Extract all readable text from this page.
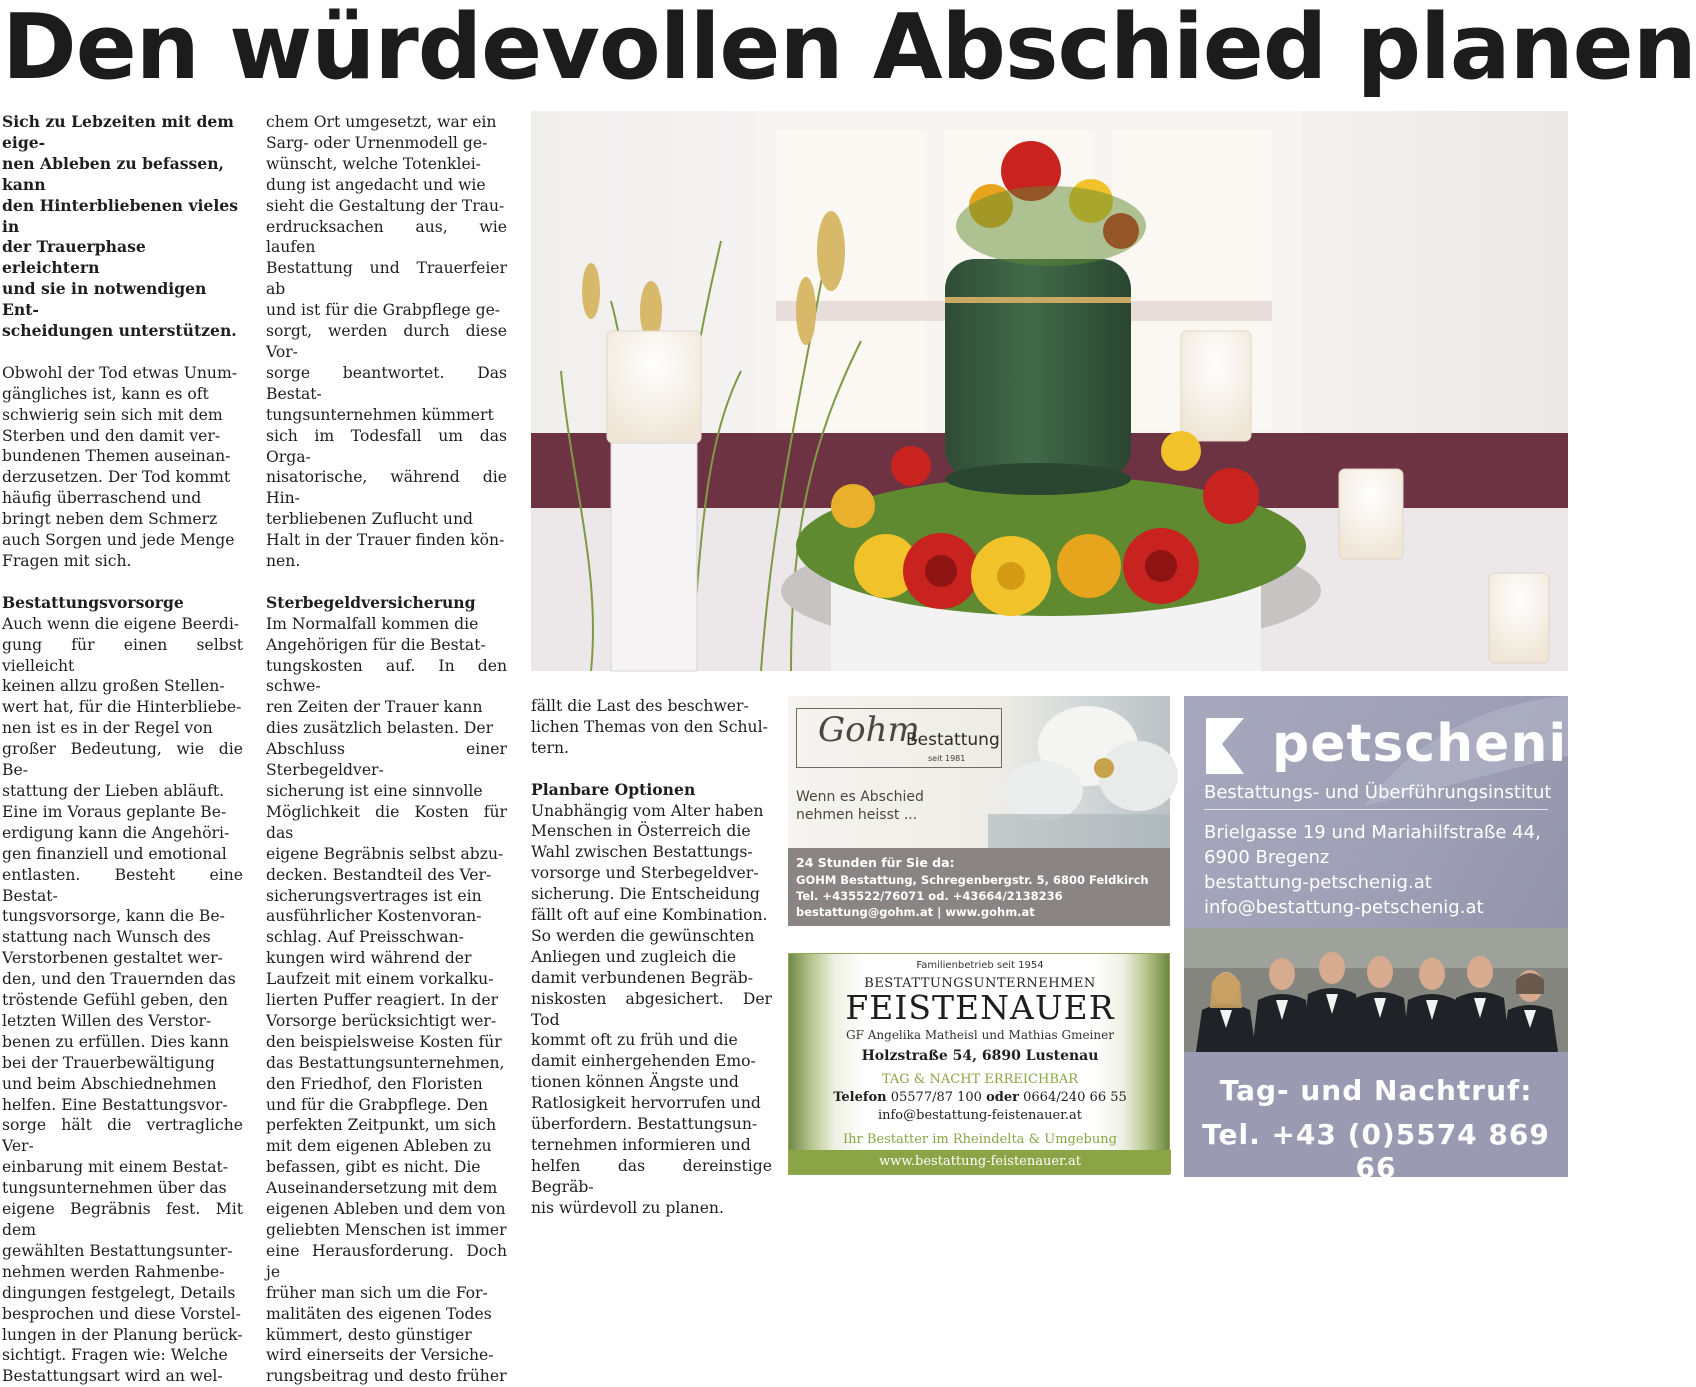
Den würdevollen Abschied planen
Sich zu Lebzeiten mit dem eige-
nen Ableben zu befassen, kann
den Hinterbliebenen vieles in
der Trauerphase erleichtern
und sie in notwendigen Ent-
scheidungen unterstützen.
Obwohl der Tod etwas Unum-
gängliches ist, kann es oft
schwierig sein sich mit dem
Sterben und den damit ver-
bundenen Themen auseinan-
derzusetzen. Der Tod kommt
häufig überraschend und
bringt neben dem Schmerz
auch Sorgen und jede Menge
Fragen mit sich.

Bestattungsvorsorge

Auch wenn die eigene Beerdi-
gung für einen selbst vielleicht
keinen allzu großen Stellen-
wert hat, für die Hinterbliebe-
nen ist es in der Regel von
großer Bedeutung, wie die Be-
stattung der Lieben abläuft.
Eine im Voraus geplante Be-
erdigung kann die Angehöri-
gen finanziell und emotional
entlasten. Besteht eine Bestat-
tungsvorsorge, kann die Be-
stattung nach Wunsch des
Verstorbenen gestaltet wer-
den, und den Trauernden das
tröstende Gefühl geben, den
letzten Willen des Verstor-
benen zu erfüllen. Dies kann
bei der Trauerbewältigung
und beim Abschiednehmen
helfen. Eine Bestattungsvor-
sorge hält die vertragliche Ver-
einbarung mit einem Bestat-
tungsunternehmen über das
eigene Begräbnis fest. Mit dem
gewählten Bestattungsunter-
nehmen werden Rahmenbe-
dingungen festgelegt, Details
besprochen und diese Vorstel-
lungen in der Planung berück-
sichtigt. Fragen wie: Welche
Bestattungsart wird an wel-
chem Ort umgesetzt, war ein
Sarg- oder Urnenmodell ge-
wünscht, welche Totenklei-
dung ist angedacht und wie
sieht die Gestaltung der Trau-
erdrucksachen aus, wie laufen
Bestattung und Trauerfeier ab
und ist für die Grabpflege ge-
sorgt, werden durch diese Vor-
sorge beantwortet. Das Bestat-
tungsunternehmen kümmert
sich im Todesfall um das Orga-
nisatorische, während die Hin-
terbliebenen Zuflucht und
Halt in der Trauer finden kön-
nen.

Sterbegeldversicherung

Im Normalfall kommen die
Angehörigen für die Bestat-
tungskosten auf. In den schwe-
ren Zeiten der Trauer kann
dies zusätzlich belasten. Der
Abschluss einer Sterbegeldver-
sicherung ist eine sinnvolle
Möglichkeit die Kosten für das
eigene Begräbnis selbst abzu-
decken. Bestandteil des Ver-
sicherungsvertrages ist ein
ausführlicher Kostenvoran-
schlag. Auf Preisschwan-
kungen wird während der
Laufzeit mit einem vorkalku-
lierten Puffer reagiert. In der
Vorsorge berücksichtigt wer-
den beispielsweise Kosten für
das Bestattungsunternehmen,
den Friedhof, den Floristen
und für die Grabpflege. Den
perfekten Zeitpunkt, um sich
mit dem eigenen Ableben zu
befassen, gibt es nicht. Die
Auseinandersetzung mit dem
eigenen Ableben und dem von
geliebten Menschen ist immer
eine Herausforderung. Doch je
früher man sich um die For-
malitäten des eigenen Todes
kümmert, desto günstiger
wird einerseits der Versiche-
rungsbeitrag und desto früher
fällt die Last des beschwer-
lichen Themas von den Schul-
tern.

Planbare Optionen

Unabhängig vom Alter haben
Menschen in Österreich die
Wahl zwischen Bestattungs-
vorsorge und Sterbegeldver-
sicherung. Die Entscheidung
fällt oft auf eine Kombination.
So werden die gewünschten
Anliegen und zugleich die
damit verbundenen Begräb-
niskosten abgesichert. Der Tod
kommt oft zu früh und die
damit einhergehenden Emo-
tionen können Ängste und
Ratlosigkeit hervorrufen und
überfordern. Bestattungsun-
ternehmen informieren und
helfen das dereinstige Begräb-
nis würdevoll zu planen.
Gohm
Bestattung
seit 1981
Wenn es Abschied
nehmen heisst ...
24 Stunden für Sie da:
GOHM Bestattung, Schregenbergstr. 5, 6800 Feldkirch
Tel. +435522/76071 od. +43664/2138236
bestattung@gohm.at | www.gohm.at
Familienbetrieb seit 1954
BESTATTUNGSUNTERNEHMEN
FEISTENAUER
GF Angelika Matheisl und Mathias Gmeiner
Holzstraße 54, 6890 Lustenau
TAG & NACHT ERREICHBAR
Telefon 05577/87 100 oder 0664/240 66 55
info@bestattung-feistenauer.at
Ihr Bestatter im Rheindelta & Umgebung
www.bestattung-feistenauer.at
petschenig
Bestattungs- und Überführungsinstitut
Brielgasse 19 und Mariahilfstraße 44,
6900 Bregenz
bestattung-petschenig.at
info@bestattung-petschenig.at
Tag- und Nachtruf:
Tel. +43 (0)5574 869 66
